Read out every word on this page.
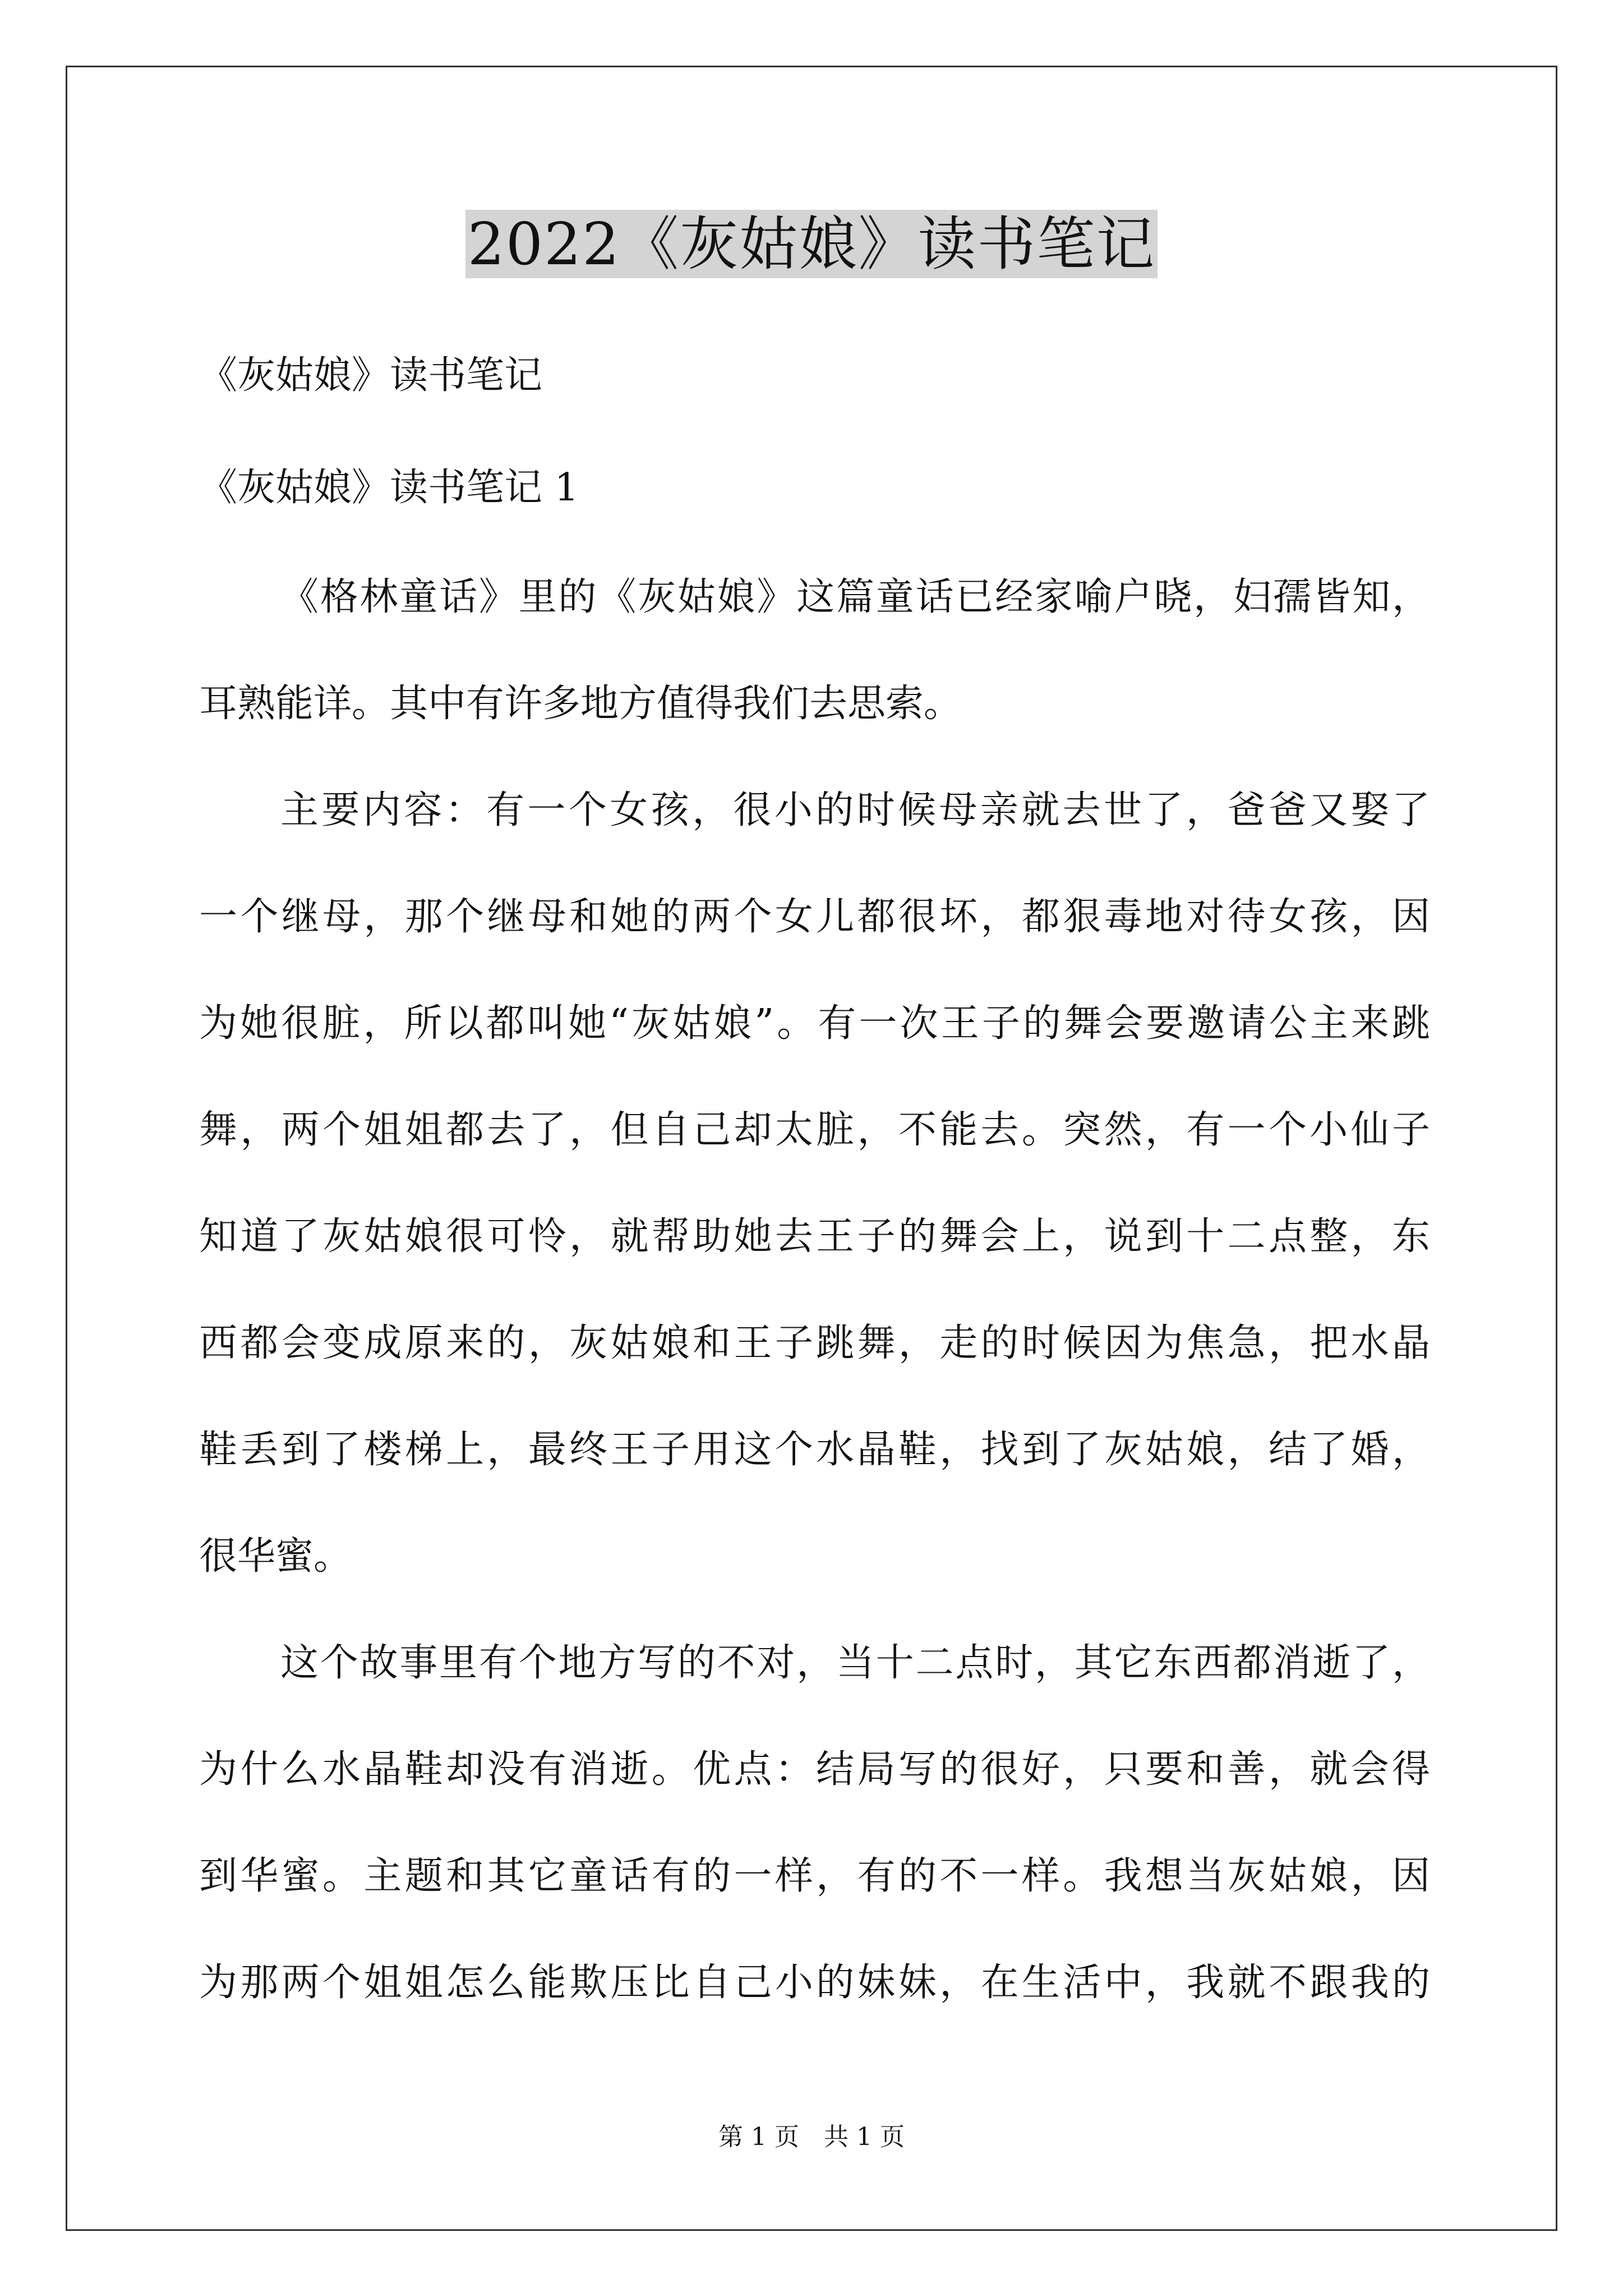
2022《灰姑娘》读书笔记
《灰姑娘》读书笔记
《灰姑娘》读书笔记 1
《格林童话》里的《灰姑娘》这篇童话已经家喻户晓，妇孺皆知，
耳熟能详。其中有许多地方值得我们去思索。
主要内容：有一个女孩，很小的时候母亲就去世了，爸爸又娶了
一个继母，那个继母和她的两个女儿都很坏，都狠毒地对待女孩，因
为她很脏，所以都叫她“灰姑娘”。有一次王子的舞会要邀请公主来跳
舞，两个姐姐都去了，但自己却太脏，不能去。突然，有一个小仙子
知道了灰姑娘很可怜，就帮助她去王子的舞会上，说到十二点整，东
西都会变成原来的，灰姑娘和王子跳舞，走的时候因为焦急，把水晶
鞋丢到了楼梯上，最终王子用这个水晶鞋，找到了灰姑娘，结了婚，
很华蜜。
这个故事里有个地方写的不对，当十二点时，其它东西都消逝了，
为什么水晶鞋却没有消逝。优点：结局写的很好，只要和善，就会得
到华蜜。主题和其它童话有的一样，有的不一样。我想当灰姑娘，因
为那两个姐姐怎么能欺压比自己小的妹妹，在生活中，我就不跟我的
第 1 页　共 1 页
